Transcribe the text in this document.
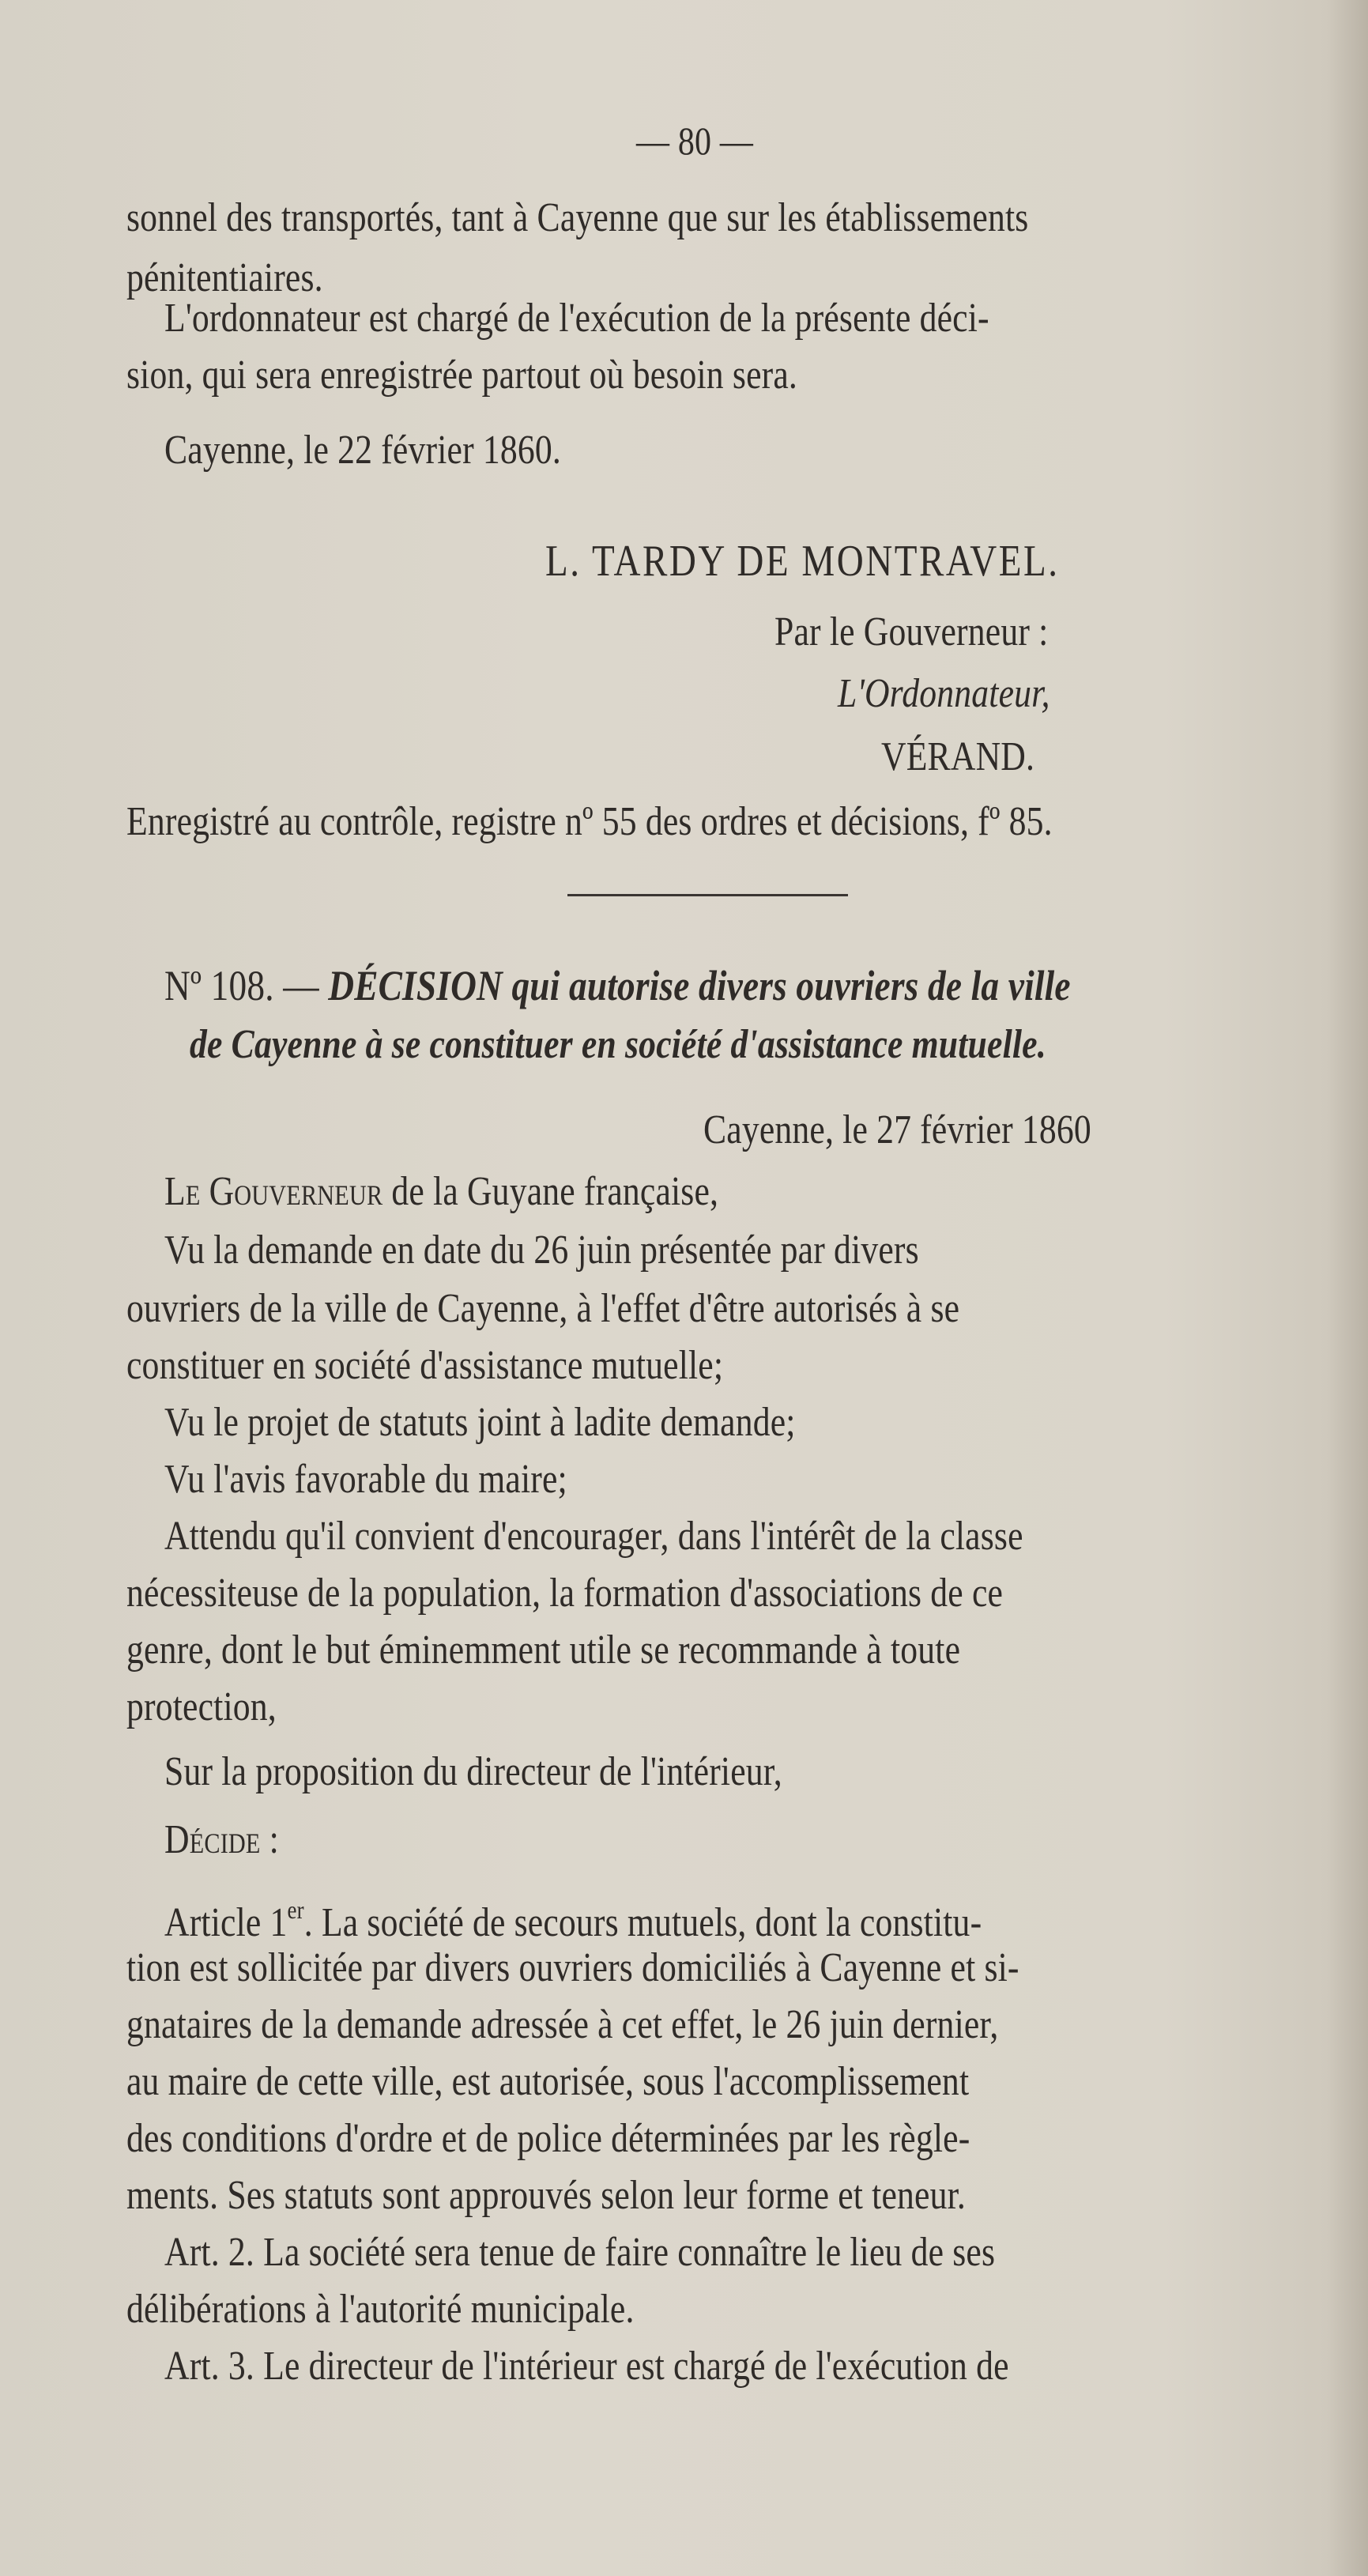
— 80 —
sonnel des transportés, tant à Cayenne que sur les établissements
pénitentiaires.
L'ordonnateur est chargé de l'exécution de la présente déci-
sion, qui sera enregistrée partout où besoin sera.
Cayenne, le 22 février 1860.
L. TARDY DE MONTRAVEL.
Par le Gouverneur :
L'Ordonnateur,
VÉRAND.
Enregistré au contrôle, registre nº 55 des ordres et décisions, fº 85.
Nº 108. — DÉCISION qui autorise divers ouvriers de la ville
de Cayenne à se constituer en société d'assistance mutuelle.
Cayenne, le 27 février 1860
Le Gouverneur de la Guyane française,
Vu la demande en date du 26 juin présentée par divers
ouvriers de la ville de Cayenne, à l'effet d'être autorisés à se
constituer en société d'assistance mutuelle;
Vu le projet de statuts joint à ladite demande;
Vu l'avis favorable du maire;
Attendu qu'il convient d'encourager, dans l'intérêt de la classe
nécessiteuse de la population, la formation d'associations de ce
genre, dont le but éminemment utile se recommande à toute
protection,
Sur la proposition du directeur de l'intérieur,
Décide :
Article 1er. La société de secours mutuels, dont la constitu-
tion est sollicitée par divers ouvriers domiciliés à Cayenne et si-
gnataires de la demande adressée à cet effet, le 26 juin dernier,
au maire de cette ville, est autorisée, sous l'accomplissement
des conditions d'ordre et de police déterminées par les règle-
ments. Ses statuts sont approuvés selon leur forme et teneur.
Art. 2. La société sera tenue de faire connaître le lieu de ses
délibérations à l'autorité municipale.
Art. 3. Le directeur de l'intérieur est chargé de l'exécution de
